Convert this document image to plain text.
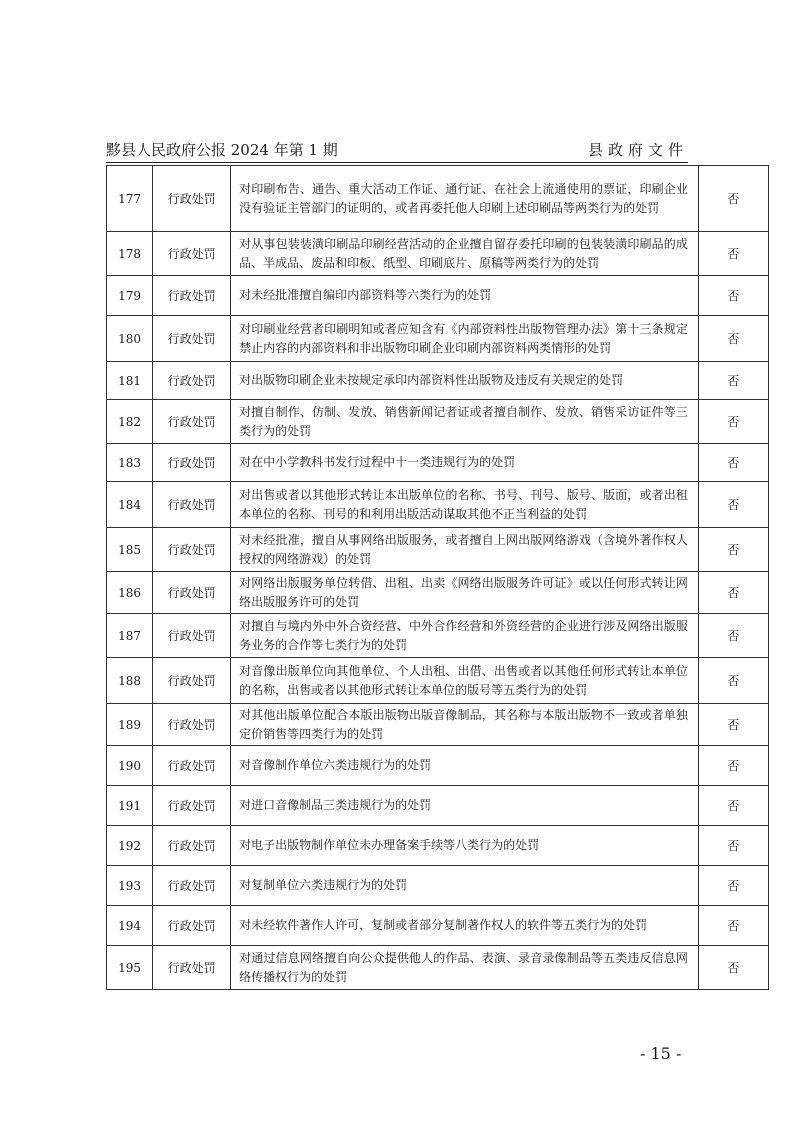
黟县人民政府公报 2024 年第 1 期	县政府文件
177	行政处罚	对印刷布告、通告、重大活动工作证、通行证、在社会上流通使用的票证，印刷企业没有验证主管部门的证明的，或者再委托他人印刷上述印刷品等两类行为的处罚	否
178	行政处罚	对从事包装装潢印刷品印刷经营活动的企业擅自留存委托印刷的包装装潢印刷品的成品、半成品、废品和印板、纸型、印刷底片、原稿等两类行为的处罚	否
179	行政处罚	对未经批准擅自编印内部资料等六类行为的处罚	否
180	行政处罚	对印刷业经营者印刷明知或者应知含有《内部资料性出版物管理办法》第十三条规定禁止内容的内部资料和非出版物印刷企业印刷内部资料两类情形的处罚	否
181	行政处罚	对出版物印刷企业未按规定承印内部资料性出版物及违反有关规定的处罚	否
182	行政处罚	对擅自制作、仿制、发放、销售新闻记者证或者擅自制作、发放、销售采访证件等三类行为的处罚	否
183	行政处罚	对在中小学教科书发行过程中十一类违规行为的处罚	否
184	行政处罚	对出售或者以其他形式转让本出版单位的名称、书号、刊号、版号、版面，或者出租本单位的名称、刊号的和利用出版活动谋取其他不正当利益的处罚	否
185	行政处罚	对未经批准，擅自从事网络出版服务，或者擅自上网出版网络游戏（含境外著作权人授权的网络游戏）的处罚	否
186	行政处罚	对网络出版服务单位转借、出租、出卖《网络出版服务许可证》或以任何形式转让网络出版服务许可的处罚	否
187	行政处罚	对擅自与境内外中外合资经营、中外合作经营和外资经营的企业进行涉及网络出版服务业务的合作等七类行为的处罚	否
188	行政处罚	对音像出版单位向其他单位、个人出租、出借、出售或者以其他任何形式转让本单位的名称，出售或者以其他形式转让本单位的版号等五类行为的处罚	否
189	行政处罚	对其他出版单位配合本版出版物出版音像制品，其名称与本版出版物不一致或者单独定价销售等四类行为的处罚	否
190	行政处罚	对音像制作单位六类违规行为的处罚	否
191	行政处罚	对进口音像制品三类违规行为的处罚	否
192	行政处罚	对电子出版物制作单位未办理备案手续等八类行为的处罚	否
193	行政处罚	对复制单位六类违规行为的处罚	否
194	行政处罚	对未经软件著作人许可，复制或者部分复制著作权人的软件等五类行为的处罚	否
195	行政处罚	对通过信息网络擅自向公众提供他人的作品、表演、录音录像制品等五类违反信息网络传播权行为的处罚	否
- 15 -
